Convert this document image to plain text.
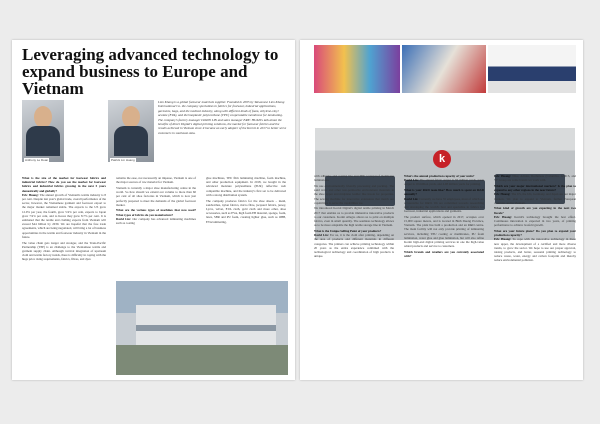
Leveraging advanced technology to expand business to Europe and Vietnam
Anthony Le Doan	Patrick Lin Huang

Lien Khang is a global footwear materials supplier. Founded in 2005 by Taiwanese Lien Khang International Co. the company specializes in fabrics for footwear, industrial applications, garments, bags, and the medical industry, along with different kinds of foam, ethylene-vinyl acetate (EVA), and thermoplastic polyurethane (TPU) cooperatable membrane for laminating. The company's factory manager DAVID LIN and sales manager ERIC HUANG talk about the benefits of direct Digital's digital printing solutions, the market for footwear fabrics and the results achieved in Vietnam since it became an early adopter of the Kornit in 2017 to better serve customers in southeast Asia.

What is the size of the market for footwear fabrics and industrial fabrics? How do you see the market for footwear fabrics and industrial fabrics growing in the next 5 years domestically and globally?

Eric Huang: The annual growth of Vietnam's textile industry is 8 per cent. Despite last year's global trade, overall performance of the sector, however, the Vietnamese garment and footwear export to the major market remained stable. The exports to the US grew 12.9% per year, the fourth, grew 5.9% per cent, exports to Japan grew 7.9% per cent, and to Korea they grew 8.7% per cent. It is estimated that the textile and clothing exports from Vietnam will exceed $44 billion by 2030. We are hopeful that the free trade agreements, which are being negotiated, will bring a lot of business opportunities in the textile and footwear industry in Vietnam in the future.

The value chain gets longer and stronger, and the Trans-Pacific Partnership (TPP) is an challenge to the Vietnamese textile and garment supply chain. Although vertical integration of upstream cloth and textile factory trends, there is difficulty in coping with the huge price rising requirements, fabrics, fibres, and dyes

remains the ease, not necessarily an impasse, Vietnam is one of the major sources of raw material for Vietnam.

Vietnam is currently a major shoe manufacturing centre in the world. So how should we extend our volume to more than 60 per cent of all shoe factories in Vietnam, which is now just perfectly prepared to meet the demands of the global footwear market.

What are the various types of machines that now used? What types of fabrics do you manufacture?

David Lin: Our company has advanced laminating machines such as coating

glue machines, TPU film laminating machine, foam machine, and other production equipment. In 2018, we bought in the advanced moisture polyurethane (PUR) reflective web compatible machine, and the industry's first set to be delivered with a strong distribution system.

The company produces fabrics for the shoe sheets – mesh, sandwiches, nylon fabrics, micro fibre, jacquard fabrics, jersey, Lycra, velvet, EVA cloth, gold cloth and more other, shoe accessories, such as EVA, high foam EB material, sponge, foam, latex, SBR and PU foam, creating lighter glue, such as OBB, EVA laminating,

k

with adhesive and coating line and TPU waterproof membrane laminations.

We use environmentally friendly processing and packing. The sand wave and other non-permeable environment materials in the shoe upper and midplane leather like insole for properties. The sewing machine for innovative extensions that match our capabilities to serve the capabilities we.

We introduced Kornit Digital's digital textile printing in March 2017 that enables us to provide immersive innovative products to our customers. Kornit Allegro allows us to print on multiple fabrics, even in small quantity. The seamless technology allows us to be more adaptable the high textile storage line in Vietnam.

What is the Unique Selling Point of your products?

David Lin: For us, it is the cloth after printing, depending on the area of products and different materials in different categories. The printers can achieve printing technology within 20 years as the entire experience combined with the technological technology and coordination of high products is unique.

What's the annual production capacity of your units?

David Lin: The annual fabric output is 50 million yards, paste output is 10 million yards, and 4.08 million yards for printing.

What is your R&D team like? How much is spent on R&D annually?

David Lin: Currently we have 35 employees, most of which are accountable for R&D. We are committed towards researching and developing the world's best and specialize in fabrics for footwear, industrial applications and garments.

The product surface, which opened in 2017, occupies over 15,000 square meters, and is located in Binh Duong Province, Vietnam. The plant has built a production and an R&D centre. The main facility will not only provide printing of laminating services, including TPU coating or membranes, PU foam lamination, water glue and glue lamination, but will also refine Kornit high-end digital printing services in one the high-value added products and service to customers.

Which brands and retailers are you currently associated with?

Eric Huang: Nike, Adidas, Rocheteau (Columbia, ASICS, and VF Group are some brands we work with.

Which are your major international markets? Is the plan to expand to any other regions in the near future?

Eric Huang: The US, the UK, Germany, and Japan are our major markets. We plan to expand to Vietnam, further European countries and in Vietnam.

What kind of growth are you expecting in the next two fiscals?

Eric Huang: Kornit's technology brought the best effect. Continuous innovation is expected in two years, of printing performance to achieve twofold growth.

What are your future plans? Do you plan to expand your production capacity?

Eric Huang: To cope with the innovative technology in these new upper, the development of a certified and more diverse trends, to grow the sector. We hope to use our proper approval, raising products, and better, seasonal printing technology to reduce waste, water, energy and carbon footprint and thereby reduce environmental pollution.
